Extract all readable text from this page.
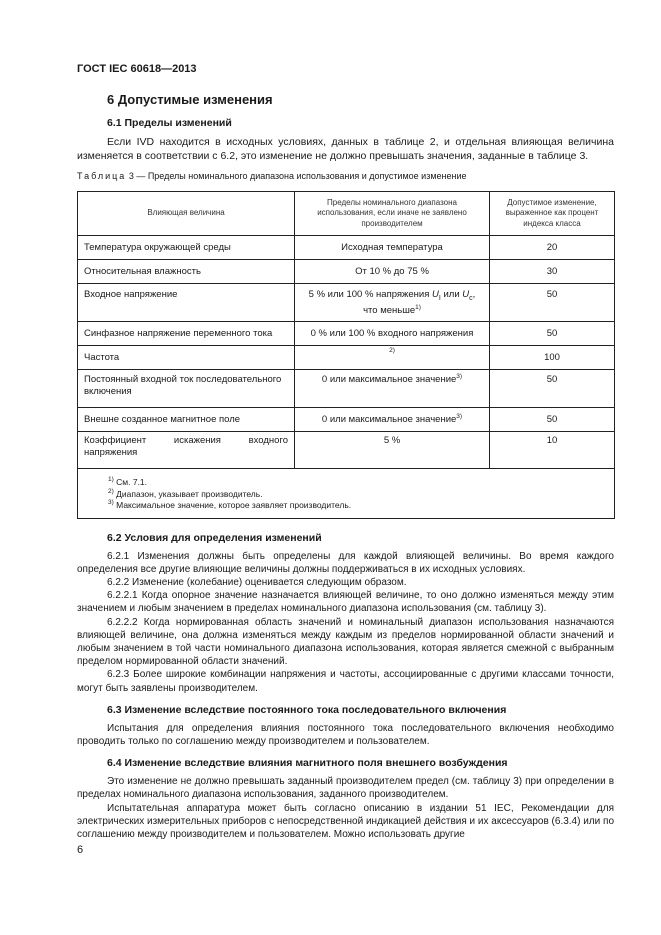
ГОСТ IEC 60618—2013
6 Допустимые изменения
6.1 Пределы изменений

Если IVD находится в исходных условиях, данных в таблице 2, и отдельная влияющая величина изменяется в соответствии с 6.2, это изменение не должно превышать значения, заданные в таблице 3.

Таблица 3 — Пределы номинального диапазона использования и допустимое изменение
Влияющая величина	Пределы номинального диапазона использования, если иначе не заявлено производителем	Допустимое изменение, выраженное как процент индекса класса
Температура окружающей среды	Исходная температура	20
Относительная влажность	От 10 % до 75 %	30
Входное напряжение	5 % или 100 % напряжения $U_I$ или $U_c$, что меньше$^{1)}$	50
Синфазное напряжение переменного тока	0 % или 100 % входного напряжения	50
Частота	$^{2)}$	100
Постоянный входной ток последовательного включения	0 или максимальное значение$^{3)}$	50
Внешне созданное магнитное поле	0 или максимальное значение$^{3)}$	50
Коэффициент искажения входного напряжения	5 %	10

$^{1)}$ См. 7.1.
$^{2)}$ Диапазон, указывает производитель.
$^{3)}$ Максимальное значение, которое заявляет производитель.		
6.2 Условия для определения изменений

6.2.1 Изменения должны быть определены для каждой влияющей величины. Во время каждого определения все другие влияющие величины должны поддерживаться в их исходных условиях.

6.2.2 Изменение (колебание) оценивается следующим образом.

6.2.2.1 Когда опорное значение назначается влияющей величине, то оно должно изменяться между этим значением и любым значением в пределах номинального диапазона использования (см. таблицу 3).

6.2.2.2 Когда нормированная область значений и номинальный диапазон использования назначаются влияющей величине, она должна изменяться между каждым из пределов нормированной области значений и любым значением в той части номинального диапазона использования, которая является смежной с выбранным пределом нормированной области значений.

6.2.3 Более широкие комбинации напряжения и частоты, ассоциированные с другими классами точности, могут быть заявлены производителем.

6.3 Изменение вследствие постоянного тока последовательного включения

Испытания для определения влияния постоянного тока последовательного включения необходимо проводить только по соглашению между производителем и пользователем.

6.4 Изменение вследствие влияния магнитного поля внешнего возбуждения

Это изменение не должно превышать заданный производителем предел (см. таблицу 3) при определении в пределах номинального диапазона использования, заданного производителем.

Испытательная аппаратура может быть согласно описанию в издании 51 IEC, Рекомендации для электрических измерительных приборов с непосредственной индикацией действия и их аксессуаров (6.3.4) или по соглашению между производителем и пользователем. Можно использовать другие

6
